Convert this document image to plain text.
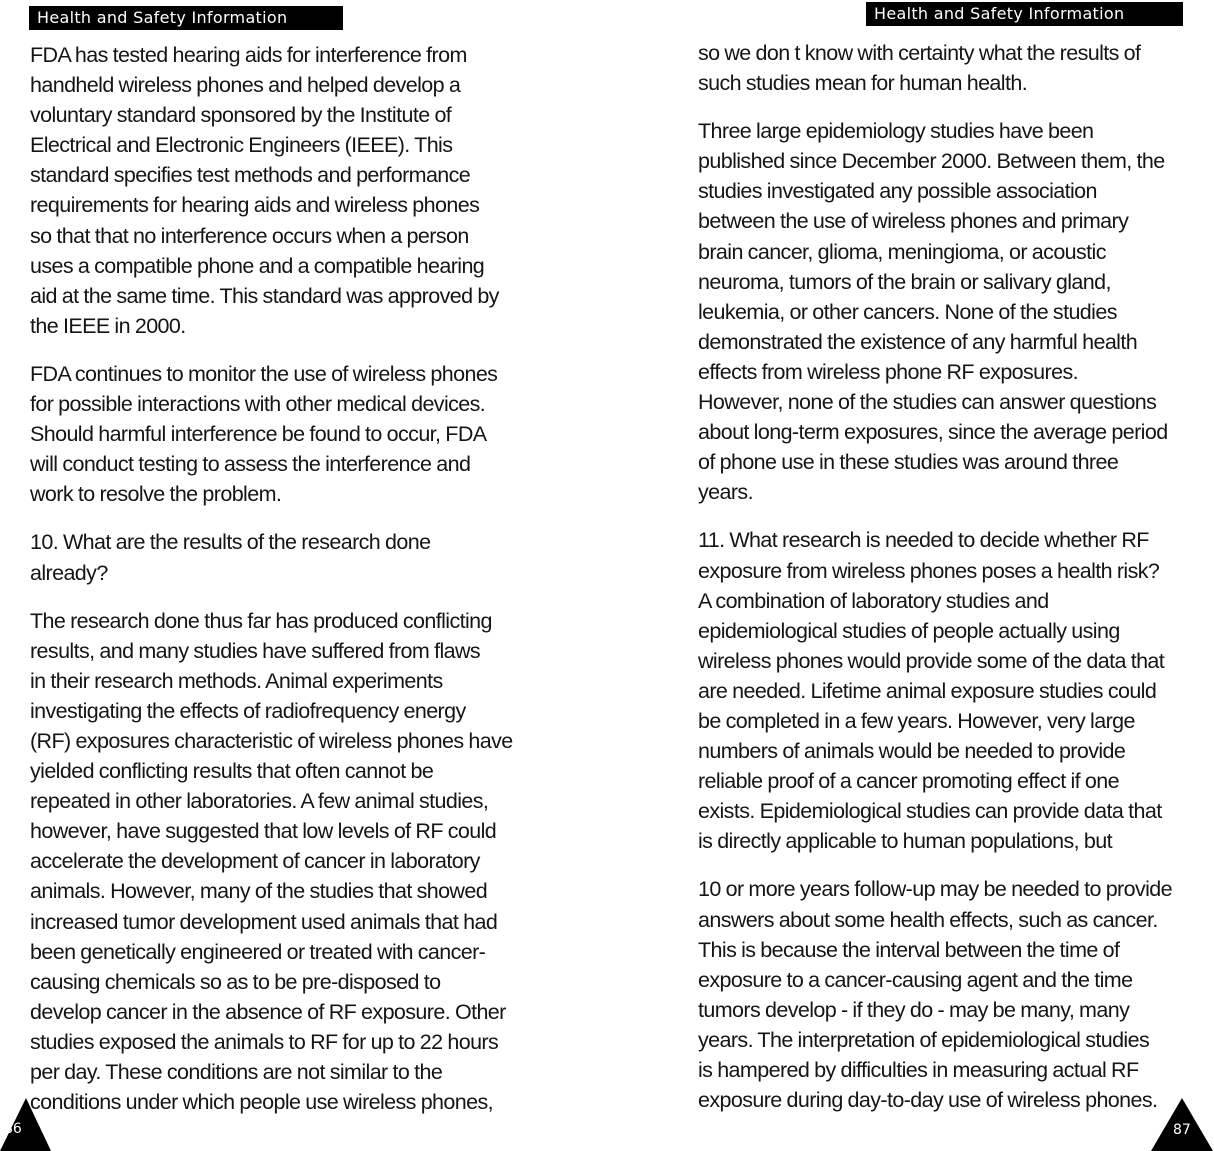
Health and Safety Information

FDA has tested hearing aids for interference from
handheld wireless phones and helped develop a
voluntary standard sponsored by the Institute of
Electrical and Electronic Engineers (IEEE). This
standard specifies test methods and performance
requirements for hearing aids and wireless phones
so that that no interference occurs when a person
uses a compatible phone and a compatible hearing
aid at the same time. This standard was approved by
the IEEE in 2000.

FDA continues to monitor the use of wireless phones
for possible interactions with other medical devices.
Should harmful interference be found to occur, FDA
will conduct testing to assess the interference and
work to resolve the problem.

10. What are the results of the research done
already?

The research done thus far has produced conflicting
results, and many studies have suffered from flaws
in their research methods. Animal experiments
investigating the effects of radiofrequency energy
(RF) exposures characteristic of wireless phones have
yielded conflicting results that often cannot be
repeated in other laboratories. A few animal studies,
however, have suggested that low levels of RF could
accelerate the development of cancer in laboratory
animals. However, many of the studies that showed
increased tumor development used animals that had
been genetically engineered or treated with cancer-
causing chemicals so as to be pre-disposed to
develop cancer in the absence of RF exposure. Other
studies exposed the animals to RF for up to 22 hours
per day. These conditions are not similar to the
conditions under which people use wireless phones,

86
Health and Safety Information

so we don t know with certainty what the results of
such studies mean for human health.

Three large epidemiology studies have been
published since December 2000. Between them, the
studies investigated any possible association
between the use of wireless phones and primary
brain cancer, glioma, meningioma, or acoustic
neuroma, tumors of the brain or salivary gland,
leukemia, or other cancers. None of the studies
demonstrated the existence of any harmful health
effects from wireless phone RF exposures.
However, none of the studies can answer questions
about long-term exposures, since the average period
of phone use in these studies was around three
years.

11. What research is needed to decide whether RF
exposure from wireless phones poses a health risk?
A combination of laboratory studies and
epidemiological studies of people actually using
wireless phones would provide some of the data that
are needed. Lifetime animal exposure studies could
be completed in a few years. However, very large
numbers of animals would be needed to provide
reliable proof of a cancer promoting effect if one
exists. Epidemiological studies can provide data that
is directly applicable to human populations, but

10 or more years follow-up may be needed to provide
answers about some health effects, such as cancer.
This is because the interval between the time of
exposure to a cancer-causing agent and the time
tumors develop - if they do - may be many, many
years. The interpretation of epidemiological studies
is hampered by difficulties in measuring actual RF
exposure during day-to-day use of wireless phones.

87
